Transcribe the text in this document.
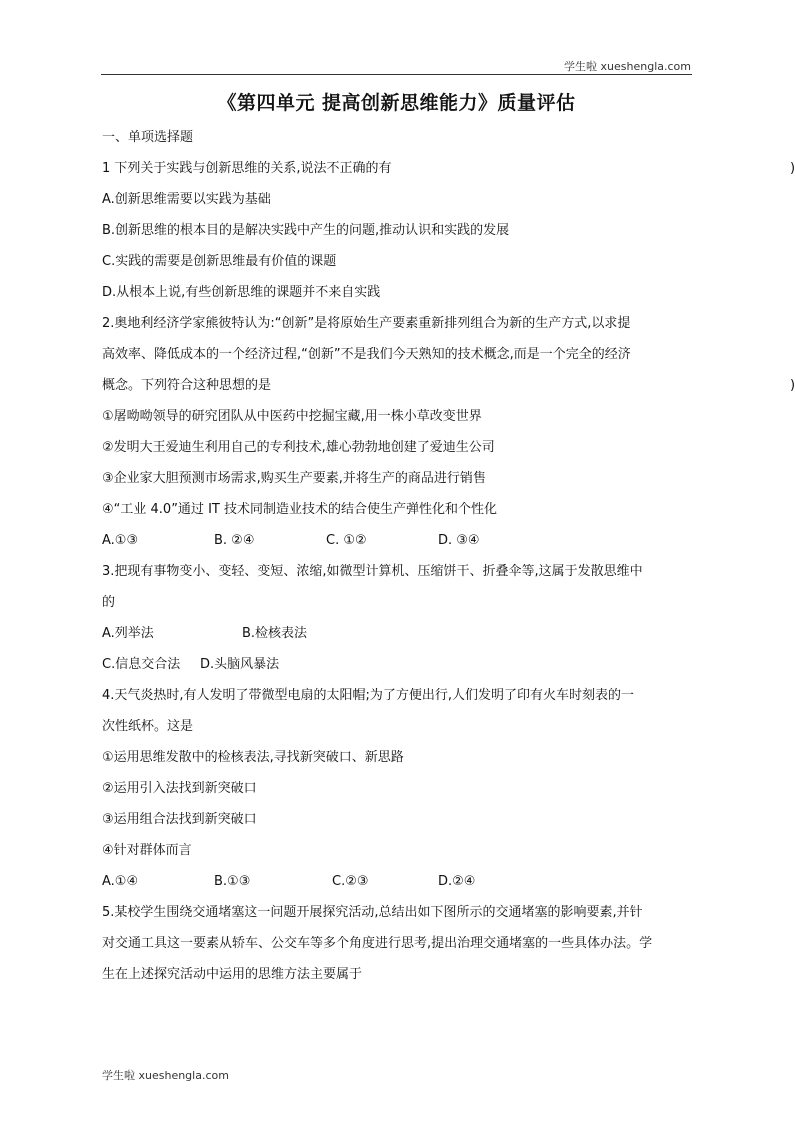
学生啦 xueshengla.com
《第四单元 提高创新思维能力》质量评估
一、单项选择题
1 下列关于实践与创新思维的关系,说法不正确的有	)
A.创新思维需要以实践为基础
B.创新思维的根本目的是解决实践中产生的问题,推动认识和实践的发展
C.实践的需要是创新思维最有价值的课题
D.从根本上说,有些创新思维的课题并不来自实践
2.奥地利经济学家熊彼特认为:“创新”是将原始生产要素重新排列组合为新的生产方式,以求提
高效率、降低成本的一个经济过程,“创新”不是我们今天熟知的技术概念,而是一个完全的经济
概念。下列符合这种思想的是	)
①屠呦呦领导的研究团队从中医药中挖掘宝藏,用一株小草改变世界
②发明大王爱迪生利用自己的专利技术,雄心勃勃地创建了爱迪生公司
③企业家大胆预测市场需求,购买生产要素,并将生产的商品进行销售
④“工业 4.0”通过 IT 技术同制造业技术的结合使生产弹性化和个性化
A.①③	B. ②④	C. ①②	D. ③④
3.把现有事物变小、变轻、变短、浓缩,如微型计算机、压缩饼干、折叠伞等,这属于发散思维中
的
A.列举法	B.检核表法
C.信息交合法 D.头脑风暴法
4.天气炎热时,有人发明了带微型电扇的太阳帽;为了方便出行,人们发明了印有火车时刻表的一
次性纸杯。这是
①运用思维发散中的检核表法,寻找新突破口、新思路
②运用引入法找到新突破口
③运用组合法找到新突破口
④针对群体而言
A.①④	B.①③	C.②③	D.②④
5.某校学生围绕交通堵塞这一问题开展探究活动,总结出如下图所示的交通堵塞的影响要素,并针
对交通工具这一要素从轿车、公交车等多个角度进行思考,提出治理交通堵塞的一些具体办法。学
生在上述探究活动中运用的思维方法主要属于
学生啦 xueshengla.com
